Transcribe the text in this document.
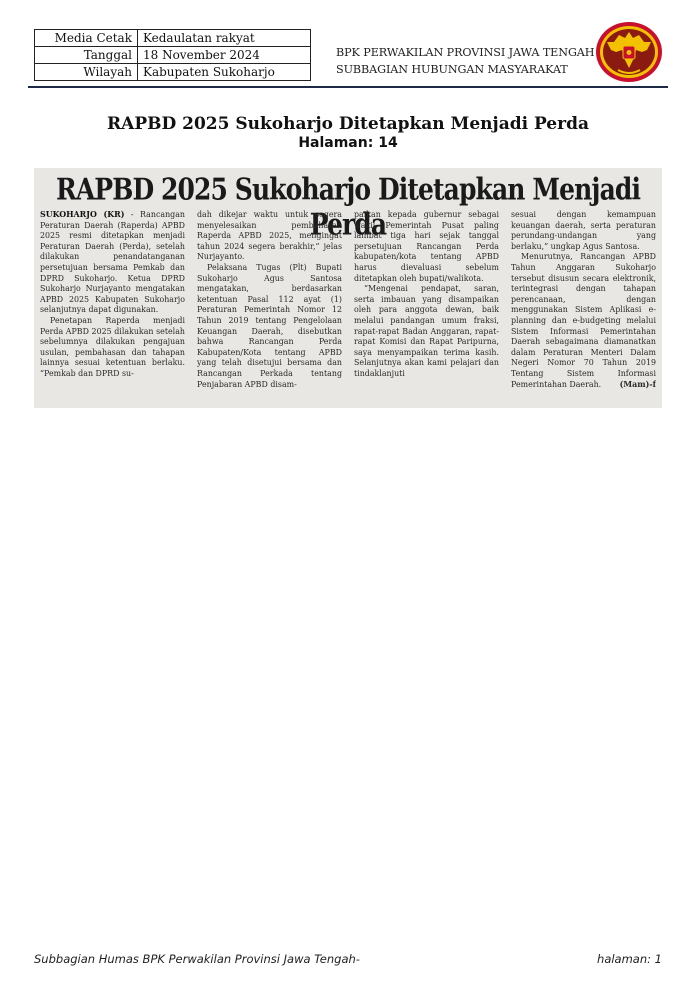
Media Cetak	Kedaulatan rakyat
Tanggal	18 November 2024
Wilayah	Kabupaten Sukoharjo
BPK PERWAKILAN PROVINSI JAWA TENGAH
SUBBAGIAN HUBUNGAN MASYARAKAT
RAPBD 2025 Sukoharjo Ditetapkan Menjadi Perda
Halaman: 14
RAPBD 2025 Sukoharjo Ditetapkan Menjadi Perda

SUKOHARJO (KR) - Rancangan Peraturan Daerah (Raperda) APBD 2025 resmi ditetapkan menjadi Peraturan Daerah (Perda), setelah dilakukan penandatanganan persetujuan bersama Pemkab dan DPRD Sukoharjo. Ketua DPRD Sukoharjo Nurjayanto mengatakan APBD 2025 Kabupaten Sukoharjo selanjutnya dapat digunakan.

Penetapan Raperda menjadi Perda APBD 2025 dilakukan setelah sebelumnya dilakukan pengajuan usulan, pembahasan dan tahapan lainnya sesuai ketentuan berlaku. “Pemkab dan DPRD su-

dah dikejar waktu untuk segera menyelesaikan pembahasan Raperda APBD 2025, mengingat tahun 2024 segera berakhir,” jelas Nurjayanto.

Pelaksana Tugas (Plt) Bupati Sukoharjo Agus Santosa mengatakan, berdasarkan ketentuan Pasal 112 ayat (1) Peraturan Pemerintah Nomor 12 Tahun 2019 tentang Pengelolaan Keuangan Daerah, disebutkan bahwa Rancangan Perda Kabupaten/Kota tentang APBD yang telah disetujui bersama dan Rancangan Perkada tentang Penjabaran APBD disam-

paikan kepada gubernur sebagai wakil Pemerintah Pusat paling lambat tiga hari sejak tanggal persetujuan Rancangan Perda kabupaten/kota tentang APBD harus dievaluasi sebelum ditetapkan oleh bupati/walikota.

“Mengenai pendapat, saran, serta imbauan yang disampaikan oleh para anggota dewan, baik melalui pandangan umum fraksi, rapat-rapat Badan Anggaran, rapat-rapat Komisi dan Rapat Paripurna, saya menyampaikan terima kasih. Selanjutnya akan kami pelajari dan tindaklanjuti

sesuai dengan kemampuan keuangan daerah, serta peraturan perundang-undangan yang berlaku,” ungkap Agus Santosa.

Menurutnya, Rancangan APBD Tahun Anggaran Sukoharjo tersebut disusun secara elektronik, terintegrasi dengan tahapan perencanaan, dengan menggunakan Sistem Aplikasi e-planning dan e-budgeting melalui Sistem Informasi Pemerintahan Daerah sebagaimana diamanatkan dalam Peraturan Menteri Dalam Negeri Nomor 70 Tahun 2019 Tentang Sistem Informasi Pemerintahan Daerah.	(Mam)-f

Subbagian Humas BPK Perwakilan Provinsi Jawa Tengah-	halaman: 1
